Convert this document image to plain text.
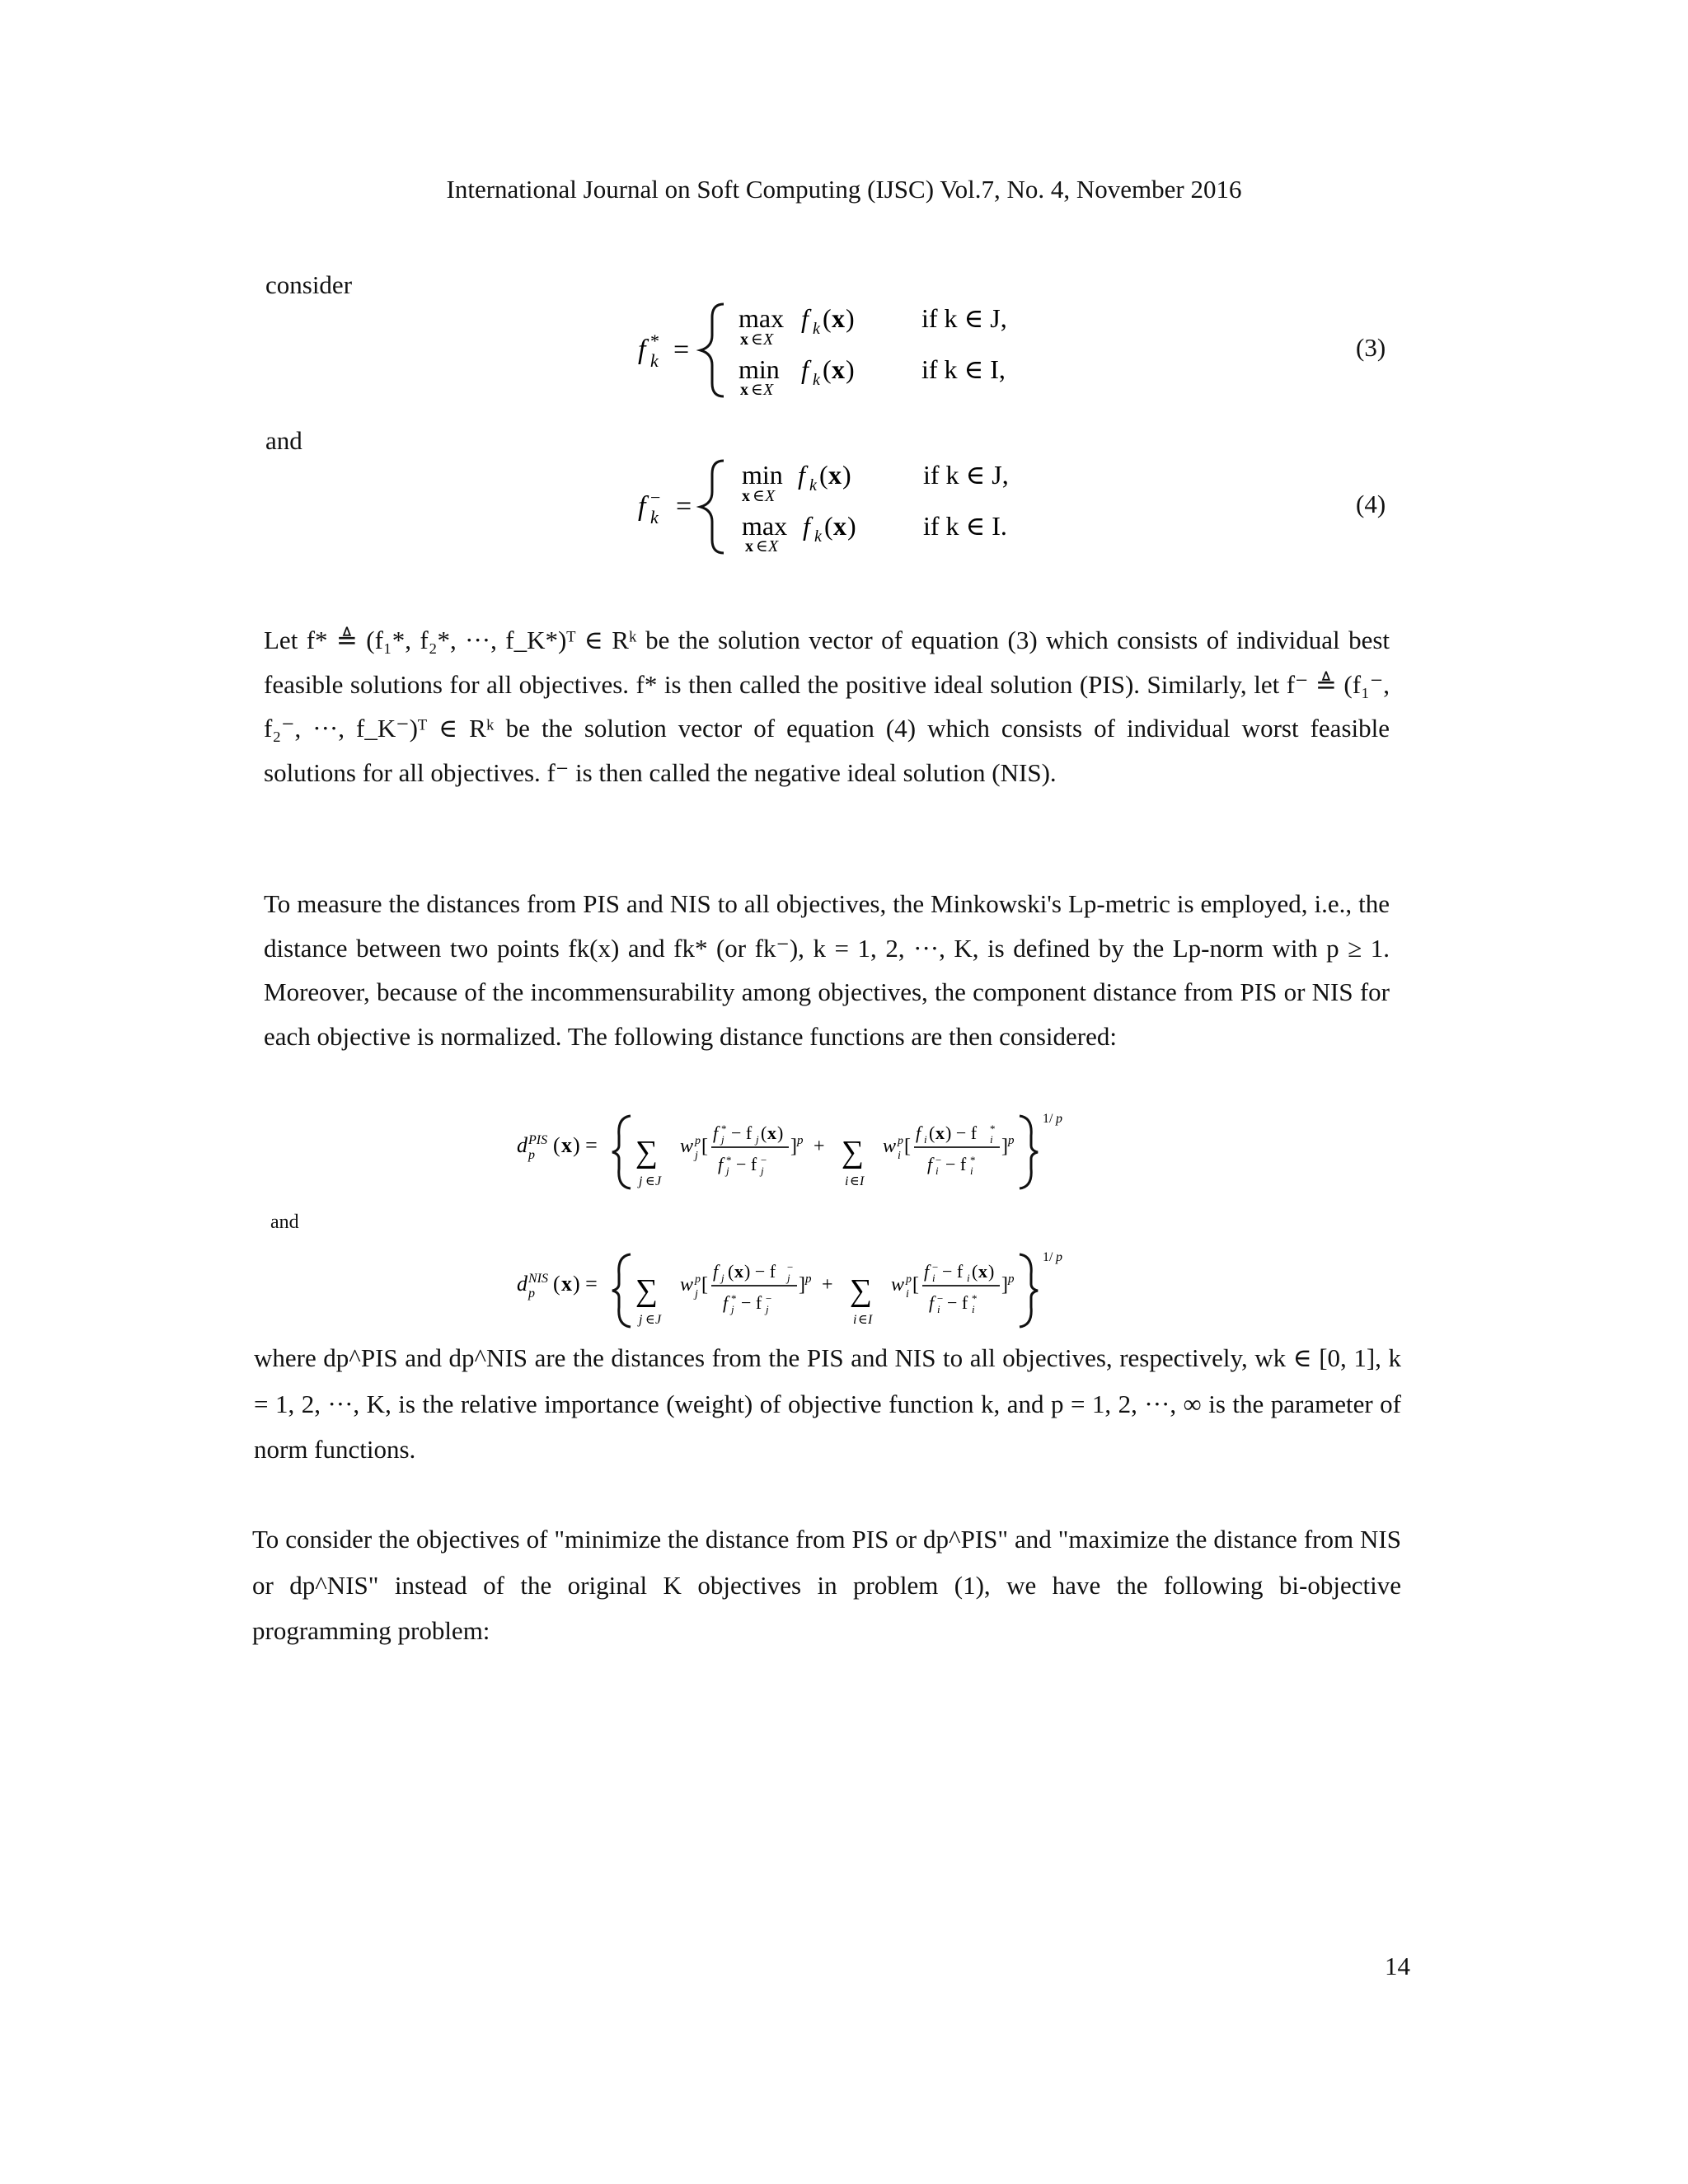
International Journal on Soft Computing (IJSC) Vol.7, No. 4, November 2016
consider
f *
k =
max
x ∈ X
f k ( x )
min
x ∈ X
f k ( x )
if k ∈ J,
if k ∈ I,
(3)
and
f −
k =
min
x ∈ X
f k ( x )
max
x ∈ X
f k ( x )
if k ∈ J,
if k ∈ I.
(4)
Let f* ≜ (f₁*, f₂*, ···, f_K*)ᵀ ∈ Rᵏ be the solution vector of equation (3) which consists of individual best feasible solutions for all objectives. f* is then called the positive ideal solution (PIS). Similarly, let f⁻ ≜ (f₁⁻, f₂⁻, ···, f_K⁻)ᵀ ∈ Rᵏ be the solution vector of equation (4) which consists of individual worst feasible solutions for all objectives. f⁻ is then called the negative ideal solution (NIS).
To measure the distances from PIS and NIS to all objectives, the Minkowski's Lp-metric is employed, i.e., the distance between two points fk(x) and fk* (or fk⁻), k = 1, 2, ···, K, is defined by the Lp-norm with p ≥ 1. Moreover, because of the incommensurability among objectives, the component distance from PIS or NIS for each objective is normalized. The following distance functions are then considered:
d PIS
p ( x ) = ∑
j ∈ J
w p
j [
f *
j − f j ( x )
f *
j − f −
j
] p + ∑
i ∈ I
w p
i [
f i ( x ) − f *
i
f −
i − f *
i
] p
1/ p
and
d NIS
p ( x ) = ∑
j ∈ J
w p
j [
f j ( x ) − f −
j
f *
j − f −
j
] p + ∑
i ∈ I
w p
i [
f −
i − f i ( x )
f −
i − f *
i
] p
1/ p
where dp^PIS and dp^NIS are the distances from the PIS and NIS to all objectives, respectively, wk ∈ [0, 1], k = 1, 2, ···, K, is the relative importance (weight) of objective function k, and p = 1, 2, ···, ∞ is the parameter of norm functions.
To consider the objectives of "minimize the distance from PIS or dp^PIS" and "maximize the distance from NIS or dp^NIS" instead of the original K objectives in problem (1), we have the following bi-objective programming problem:
14
